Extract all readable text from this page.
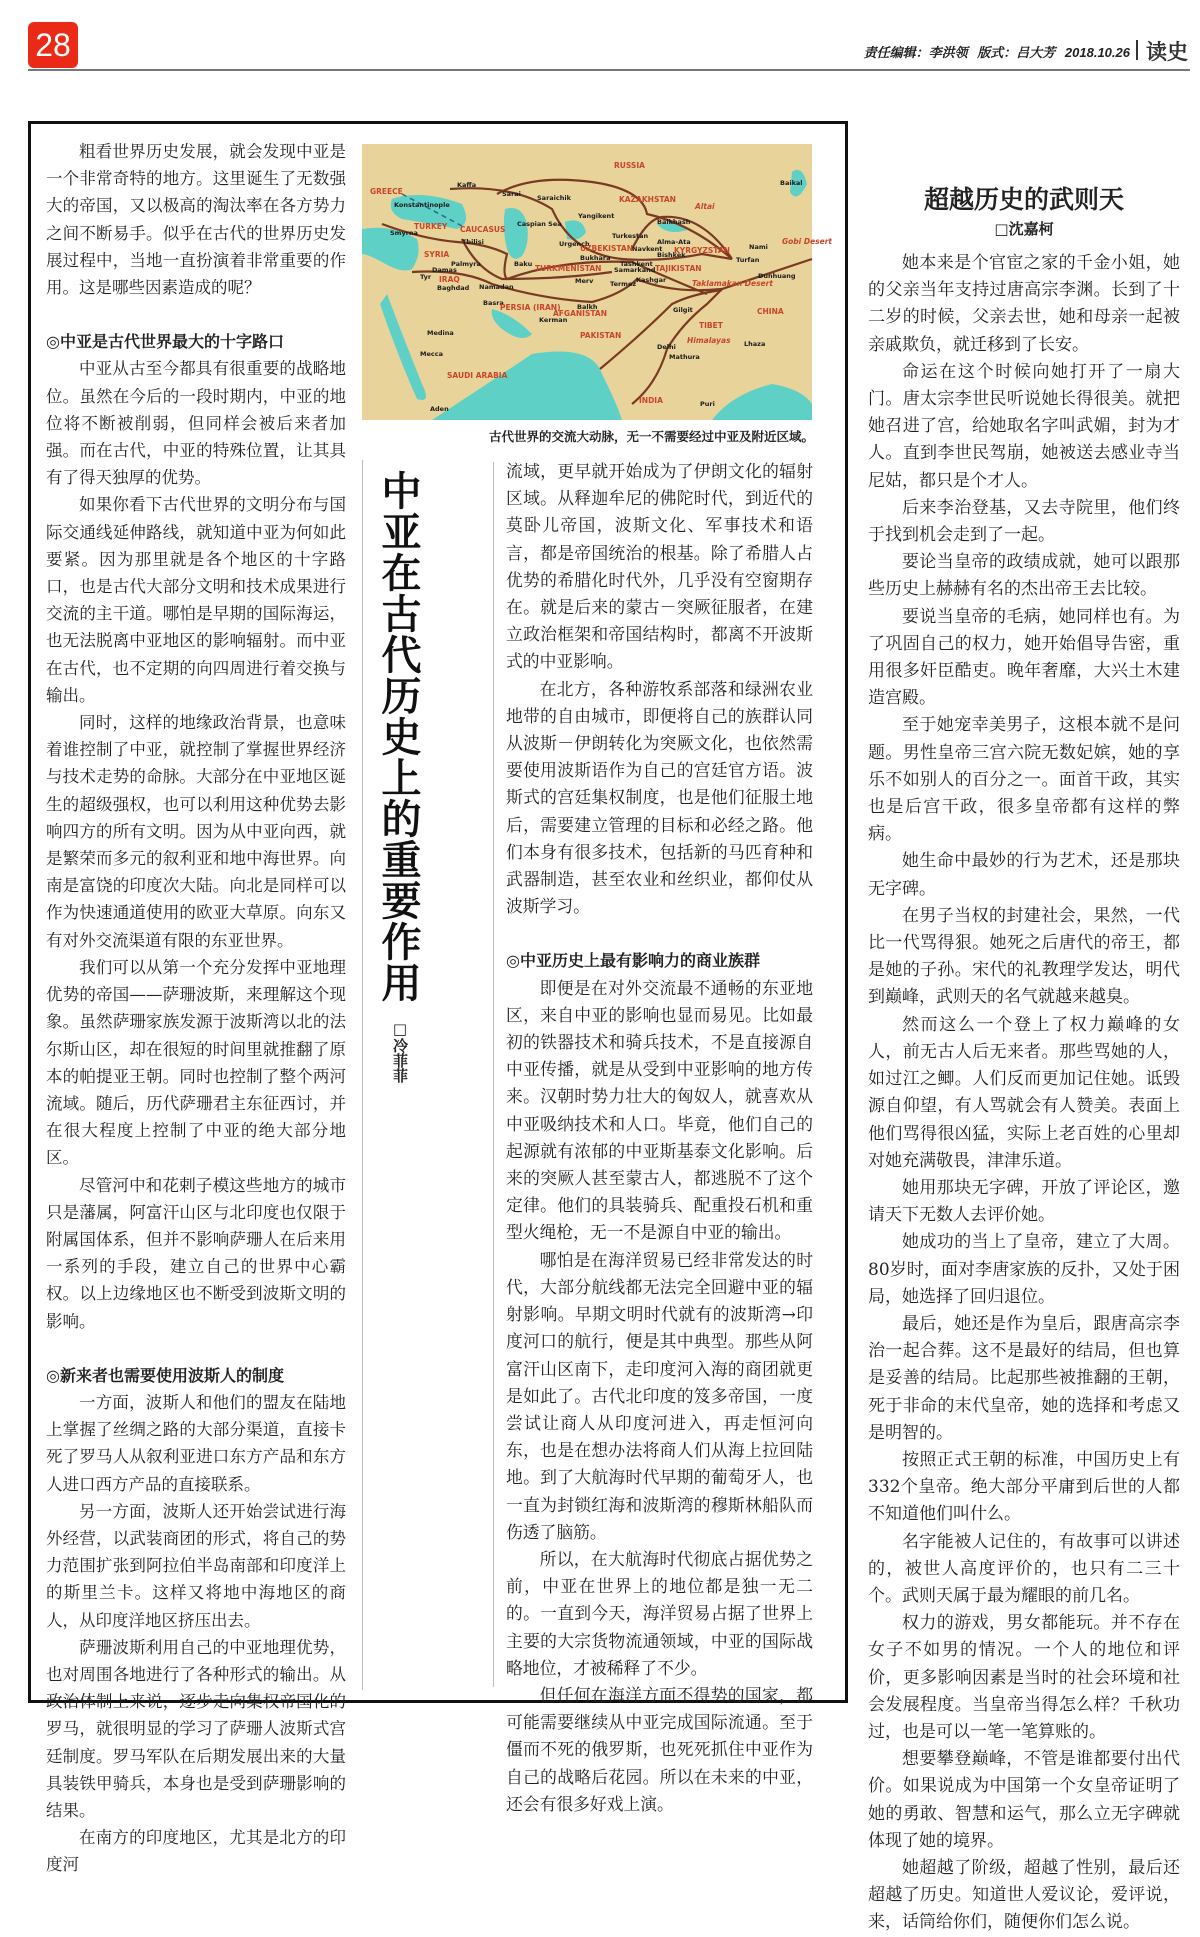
28	责任编辑：李洪领 版式：吕大芳 2018.10.26 读史

粗看世界历史发展，就会发现中亚是一个非常奇特的地方。这里诞生了无数强大的帝国，又以极高的淘汰率在各方势力之间不断易手。似乎在古代的世界历史发展过程中，当地一直扮演着非常重要的作用。这是哪些因素造成的呢？

◎中亚是古代世界最大的十字路口

中亚从古至今都具有很重要的战略地位。虽然在今后的一段时期内，中亚的地位将不断被削弱，但同样会被后来者加强。而在古代，中亚的特殊位置，让其具有了得天独厚的优势。

如果你看下古代世界的文明分布与国际交通线延伸路线，就知道中亚为何如此要紧。因为那里就是各个地区的十字路口，也是古代大部分文明和技术成果进行交流的主干道。哪怕是早期的国际海运，也无法脱离中亚地区的影响辐射。而中亚在古代，也不定期的向四周进行着交换与输出。

同时，这样的地缘政治背景，也意味着谁控制了中亚，就控制了掌握世界经济与技术走势的命脉。大部分在中亚地区诞生的超级强权，也可以利用这种优势去影响四方的所有文明。因为从中亚向西，就是繁荣而多元的叙利亚和地中海世界。向南是富饶的印度次大陆。向北是同样可以作为快速通道使用的欧亚大草原。向东又有对外交流渠道有限的东亚世界。

我们可以从第一个充分发挥中亚地理优势的帝国——萨珊波斯，来理解这个现象。虽然萨珊家族发源于波斯湾以北的法尔斯山区，却在很短的时间里就推翻了原本的帕提亚王朝。同时也控制了整个两河流域。随后，历代萨珊君主东征西讨，并在很大程度上控制了中亚的绝大部分地区。

尽管河中和花剌子模这些地方的城市只是藩属，阿富汗山区与北印度也仅限于附属国体系，但并不影响萨珊人在后来用一系列的手段，建立自己的世界中心霸权。以上边缘地区也不断受到波斯文明的影响。

◎新来者也需要使用波斯人的制度

一方面，波斯人和他们的盟友在陆地上掌握了丝绸之路的大部分渠道，直接卡死了罗马人从叙利亚进口东方产品和东方人进口西方产品的直接联系。

另一方面，波斯人还开始尝试进行海外经营，以武装商团的形式，将自己的势力范围扩张到阿拉伯半岛南部和印度洋上的斯里兰卡。这样又将地中海地区的商人，从印度洋地区挤压出去。

萨珊波斯利用自己的中亚地理优势，也对周围各地进行了各种形式的输出。从政治体制上来说，逐步走向集权帝国化的罗马，就很明显的学习了萨珊人波斯式宫廷制度。罗马军队在后期发展出来的大量具装铁甲骑兵，本身也是受到萨珊影响的结果。

在南方的印度地区，尤其是北方的印度河

RUSSIA
GREECE
Kaffa
Sarai Saraichik	KAZAKHSTAN
Altai
Baikal
Konstantinople
Yangikent
Balkhash
TURKEY CAUCASUS
Smyrna
Tbilisi
Caspian Sea
Turkestan
Alma-Ata
Nami
Gobi Desert
SYRIA
Urgench
UZBEKISTAN Navkent
Bishkek
KYRGYZSTAN
Palmyra	Baku
Bukhara	Turfan
Tashkent
TURKMENISTAN Samarkand TAJIKISTAN
Damas
Tyr IRAQ	Dunhuang
Baghdad Namadan
Merv	Termez Kashgar	Taklamakan Desert
Basra
PERSIA (IRAN)	Balkh
AFGANISTAN
Kerman
Gilgit	CHINA
TIBET
Medina	PAKISTAN
Himalayas Lhaza
Delhi
Mecca	Mathura
SAUDI ARABIA
INDIA
Aden
Puri
古代世界的交流大动脉，无一不需要经过中亚及附近区域。
中亚在古代历史上的重要作用
□冷菲菲

流域，更早就开始成为了伊朗文化的辐射区域。从释迦牟尼的佛陀时代，到近代的莫卧儿帝国，波斯文化、军事技术和语言，都是帝国统治的根基。除了希腊人占优势的希腊化时代外，几乎没有空窗期存在。就是后来的蒙古－突厥征服者，在建立政治框架和帝国结构时，都离不开波斯式的中亚影响。

在北方，各种游牧系部落和绿洲农业地带的自由城市，即便将自己的族群认同从波斯－伊朗转化为突厥文化，也依然需要使用波斯语作为自己的宫廷官方语。波斯式的宫廷集权制度，也是他们征服土地后，需要建立管理的目标和必经之路。他们本身有很多技术，包括新的马匹育种和武器制造，甚至农业和丝织业，都仰仗从波斯学习。

◎中亚历史上最有影响力的商业族群

即便是在对外交流最不通畅的东亚地区，来自中亚的影响也显而易见。比如最初的铁器技术和骑兵技术，不是直接源自中亚传播，就是从受到中亚影响的地方传来。汉朝时势力壮大的匈奴人，就喜欢从中亚吸纳技术和人口。毕竟，他们自己的起源就有浓郁的中亚斯基泰文化影响。后来的突厥人甚至蒙古人，都逃脱不了这个定律。他们的具装骑兵、配重投石机和重型火绳枪，无一不是源自中亚的输出。

哪怕是在海洋贸易已经非常发达的时代，大部分航线都无法完全回避中亚的辐射影响。早期文明时代就有的波斯湾→印度河口的航行，便是其中典型。那些从阿富汗山区南下，走印度河入海的商团就更是如此了。古代北印度的笈多帝国，一度尝试让商人从印度河进入，再走恒河向东，也是在想办法将商人们从海上拉回陆地。到了大航海时代早期的葡萄牙人，也一直为封锁红海和波斯湾的穆斯林船队而伤透了脑筋。

所以，在大航海时代彻底占据优势之前，中亚在世界上的地位都是独一无二的。一直到今天，海洋贸易占据了世界上主要的大宗货物流通领域，中亚的国际战略地位，才被稀释了不少。

但任何在海洋方面不得势的国家，都可能需要继续从中亚完成国际流通。至于僵而不死的俄罗斯，也死死抓住中亚作为自己的战略后花园。所以在未来的中亚，还会有很多好戏上演。

超越历史的武则天
□沈嘉柯

她本来是个官宦之家的千金小姐，她的父亲当年支持过唐高宗李渊。长到了十二岁的时候，父亲去世，她和母亲一起被亲戚欺负，就迁移到了长安。

命运在这个时候向她打开了一扇大门。唐太宗李世民听说她长得很美。就把她召进了宫，给她取名字叫武媚，封为才人。直到李世民驾崩，她被送去感业寺当尼姑，都只是个才人。

后来李治登基，又去寺院里，他们终于找到机会走到了一起。

要论当皇帝的政绩成就，她可以跟那些历史上赫赫有名的杰出帝王去比较。

要说当皇帝的毛病，她同样也有。为了巩固自己的权力，她开始倡导告密，重用很多奸臣酷吏。晚年奢靡，大兴土木建造宫殿。

至于她宠幸美男子，这根本就不是问题。男性皇帝三宫六院无数妃嫔，她的享乐不如别人的百分之一。面首干政，其实也是后宫干政，很多皇帝都有这样的弊病。

她生命中最妙的行为艺术，还是那块无字碑。

在男子当权的封建社会，果然，一代比一代骂得狠。她死之后唐代的帝王，都是她的子孙。宋代的礼教理学发达，明代到巅峰，武则天的名气就越来越臭。

然而这么一个登上了权力巅峰的女人，前无古人后无来者。那些骂她的人，如过江之鲫。人们反而更加记住她。诋毁源自仰望，有人骂就会有人赞美。表面上他们骂得很凶猛，实际上老百姓的心里却对她充满敬畏，津津乐道。

她用那块无字碑，开放了评论区，邀请天下无数人去评价她。

她成功的当上了皇帝，建立了大周。80岁时，面对李唐家族的反扑，又处于困局，她选择了回归退位。

最后，她还是作为皇后，跟唐高宗李治一起合葬。这不是最好的结局，但也算是妥善的结局。比起那些被推翻的王朝，死于非命的末代皇帝，她的选择和考虑又是明智的。

按照正式王朝的标准，中国历史上有332个皇帝。绝大部分平庸到后世的人都不知道他们叫什么。

名字能被人记住的，有故事可以讲述的，被世人高度评价的，也只有二三十个。武则天属于最为耀眼的前几名。

权力的游戏，男女都能玩。并不存在女子不如男的情况。一个人的地位和评价，更多影响因素是当时的社会环境和社会发展程度。当皇帝当得怎么样？千秋功过，也是可以一笔一笔算账的。

想要攀登巅峰，不管是谁都要付出代价。如果说成为中国第一个女皇帝证明了她的勇敢、智慧和运气，那么立无字碑就体现了她的境界。

她超越了阶级，超越了性别，最后还超越了历史。知道世人爱议论，爱评说，来，话筒给你们，随便你们怎么说。
